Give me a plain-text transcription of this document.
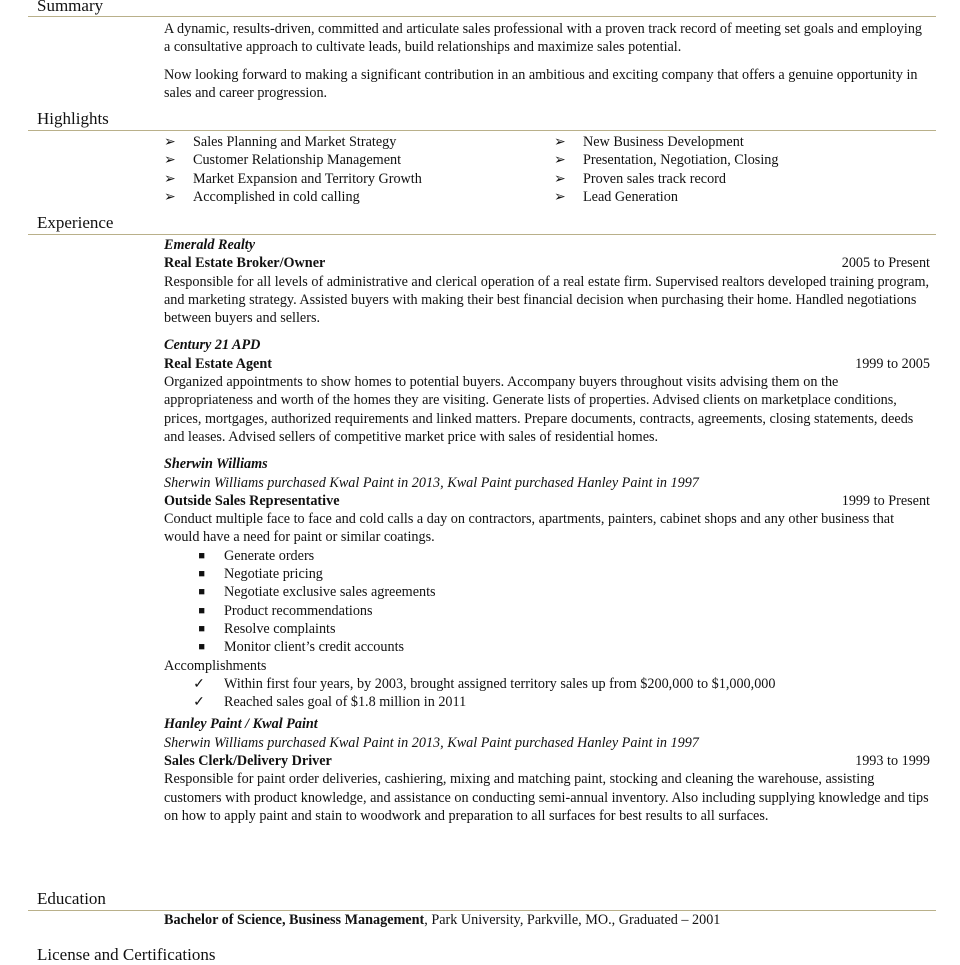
Summary

A dynamic, results-driven, committed and articulate sales professional with a proven track record of meeting set goals and employing a consultative approach to cultivate leads, build relationships and maximize sales potential.

Now looking forward to making a significant contribution in an ambitious and exciting company that offers a genuine opportunity in sales and career progression.

Highlights
➢	Sales Planning and Market Strategy
➢	Customer Relationship Management
➢	Market Expansion and Territory Growth
➢	Accomplished in cold calling
➢	New Business Development
➢	Presentation, Negotiation, Closing
➢	Proven sales track record
➢	Lead Generation
Experience
Emerald Realty
Real Estate Broker/Owner	2005 to Present

Responsible for all levels of administrative and clerical operation of a real estate firm. Supervised realtors developed training program, and marketing strategy. Assisted buyers with making their best financial decision when purchasing their home. Handled negotiations between buyers and sellers.

Century 21 APD
Real Estate Agent	1999 to 2005

Organized appointments to show homes to potential buyers. Accompany buyers throughout visits advising them on the appropriateness and worth of the homes they are visiting. Generate lists of properties. Advised clients on marketplace conditions, prices, mortgages, authorized requirements and linked matters. Prepare documents, contracts, agreements, closing statements, deeds and leases. Advised sellers of competitive market price with sales of residential homes.

Sherwin Williams
Sherwin Williams purchased Kwal Paint in 2013, Kwal Paint purchased Hanley Paint in 1997
Outside Sales Representative	1999 to Present

Conduct multiple face to face and cold calls a day on contractors, apartments, painters, cabinet shops and any other business that would have a need for paint or similar coatings.

■	Generate orders
■	Negotiate pricing
■	Negotiate exclusive sales agreements
■	Product recommendations
■	Resolve complaints
■	Monitor client’s credit accounts
Accomplishments
✓	Within first four years, by 2003, brought assigned territory sales up from $200,000 to $1,000,000
✓	Reached sales goal of $1.8 million in 2011
Hanley Paint / Kwal Paint
Sherwin Williams purchased Kwal Paint in 2013, Kwal Paint purchased Hanley Paint in 1997
Sales Clerk/Delivery Driver	1993 to 1999

Responsible for paint order deliveries, cashiering, mixing and matching paint, stocking and cleaning the warehouse, assisting customers with product knowledge, and assistance on conducting semi-annual inventory. Also including supplying knowledge and tips on how to apply paint and stain to woodwork and preparation to all surfaces for best results to all surfaces.

Education
Bachelor of Science, Business Management, Park University, Parkville, MO., Graduated – 2001
License and Certifications
